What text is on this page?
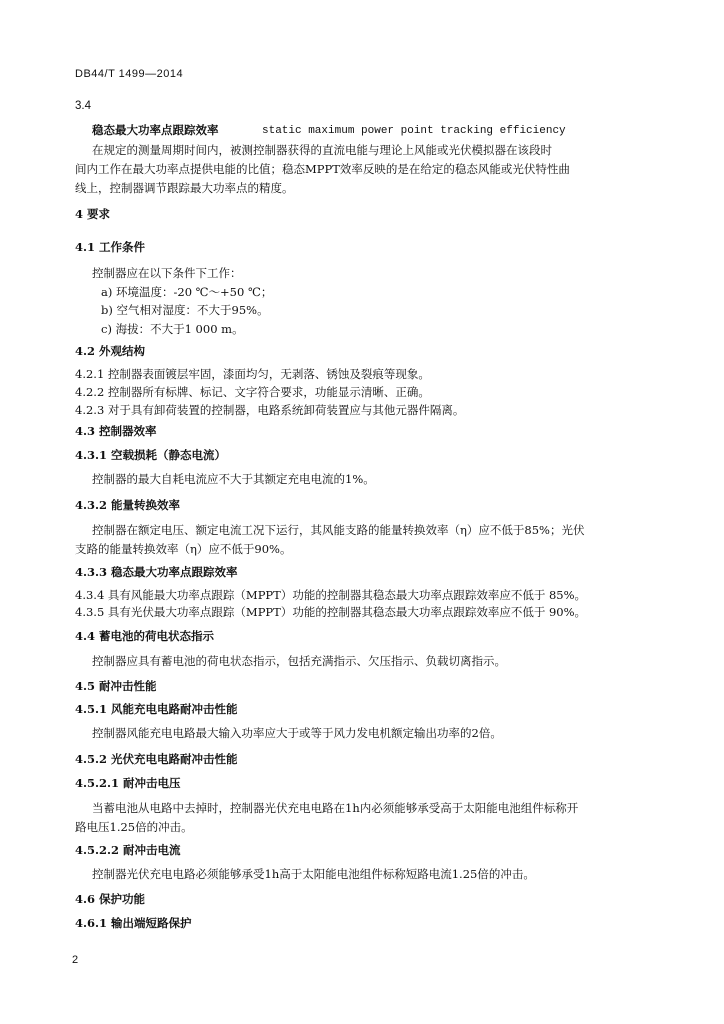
DB44/T 1499—2014
3.4
稳态最大功率点跟踪效率	static maximum power point tracking efficiency
在规定的测量周期时间内，被测控制器获得的直流电能与理论上风能或光伏模拟器在该段时
间内工作在最大功率点提供电能的比值；稳态MPPT效率反映的是在给定的稳态风能或光伏特性曲
线上，控制器调节跟踪最大功率点的精度。
4 要求
4.1 工作条件
控制器应在以下条件下工作：
a) 环境温度：-20 ℃～+50 ℃；
b) 空气相对湿度：不大于95%。
c) 海拔：不大于1 000 m。
4.2 外观结构
4.2.1 控制器表面镀层牢固，漆面均匀，无剥落、锈蚀及裂痕等现象。
4.2.2 控制器所有标牌、标记、文字符合要求，功能显示清晰、正确。
4.2.3 对于具有卸荷装置的控制器，电路系统卸荷装置应与其他元器件隔离。
4.3 控制器效率
4.3.1 空载损耗（静态电流）
控制器的最大自耗电流应不大于其额定充电电流的1%。
4.3.2 能量转换效率
控制器在额定电压、额定电流工况下运行，其风能支路的能量转换效率（η）应不低于85%；光伏
支路的能量转换效率（η）应不低于90%。
4.3.3 稳态最大功率点跟踪效率
4.3.4 具有风能最大功率点跟踪（MPPT）功能的控制器其稳态最大功率点跟踪效率应不低于 85%。
4.3.5 具有光伏最大功率点跟踪（MPPT）功能的控制器其稳态最大功率点跟踪效率应不低于 90%。
4.4 蓄电池的荷电状态指示
控制器应具有蓄电池的荷电状态指示，包括充满指示、欠压指示、负载切离指示。
4.5 耐冲击性能
4.5.1 风能充电电路耐冲击性能
控制器风能充电电路最大输入功率应大于或等于风力发电机额定输出功率的2倍。
4.5.2 光伏充电电路耐冲击性能
4.5.2.1 耐冲击电压
当蓄电池从电路中去掉时，控制器光伏充电电路在1h内必须能够承受高于太阳能电池组件标称开
路电压1.25倍的冲击。
4.5.2.2 耐冲击电流
控制器光伏充电电路必须能够承受1h高于太阳能电池组件标称短路电流1.25倍的冲击。
4.6 保护功能
4.6.1 输出端短路保护
2
